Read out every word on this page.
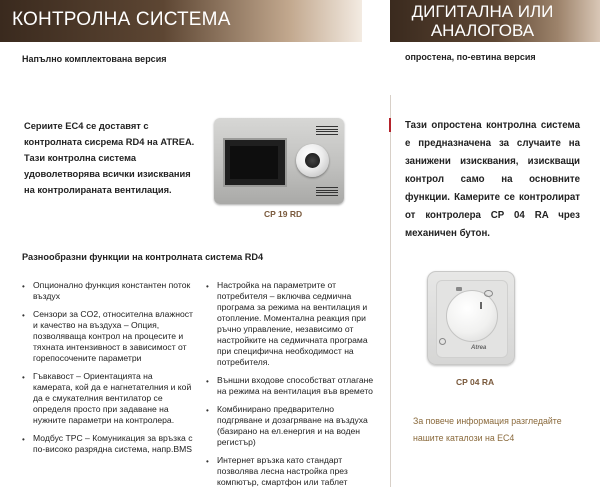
КОНТРОЛНА СИСТЕМА	ДИГИТАЛНА ИЛИ
АНАЛОГОВА
Напълно комплектована версия	опростена, по-евтина версия
Сериите EC4 се доставят с контролната сисрема RD4 на ATREA. Тази контролна система удоволетворява всички изисквания на контролираната вентилация.
CP 19 RD
Тази опростена контролна система е предназначена за случаите на занижени изисквания, изискващи контрол само на основните функции. Камерите се контролират от контролера CP 04 RA чрез механичен бутон.
Разнообразни функции на контролната система RD4
• Опционално функция константен поток въздух
• Сензори за CO2, относителна влажност и качество на въздуха – Опция, позволяваща контрол на процесите и тяхната интензивност в зависимост от горепосочените параметри
• Гъвкавост – Ориентацията на камерата, кой да е нагнетателния и кой да е смукателния вентилатор се определя просто при задаване на нужните параметри на контролера.
• Модбус TPC – Комуникация за връзка с по-високо разрядна система, напр.BMS
• Настройка на параметрите от потребителя – включва седмична програма за режима на вентилация и отопление. Моментална реакция при ръчно управление, независимо от настройките на седмичната програма при специфична необходимост на потребителя.
• Външни входове способстват отлагане на режима на вентилация във времето
• Комбинирано предварително подгряване и дозагряване на въздуха (базирано на ел.енергия и на воден регистър)
• Интернет връзка като стандарт позволява лесна настройка през компютър, смартфон или таблет
Atrea
CP 04 RA
За повече информация разгледайте нашите каталози на EC4
